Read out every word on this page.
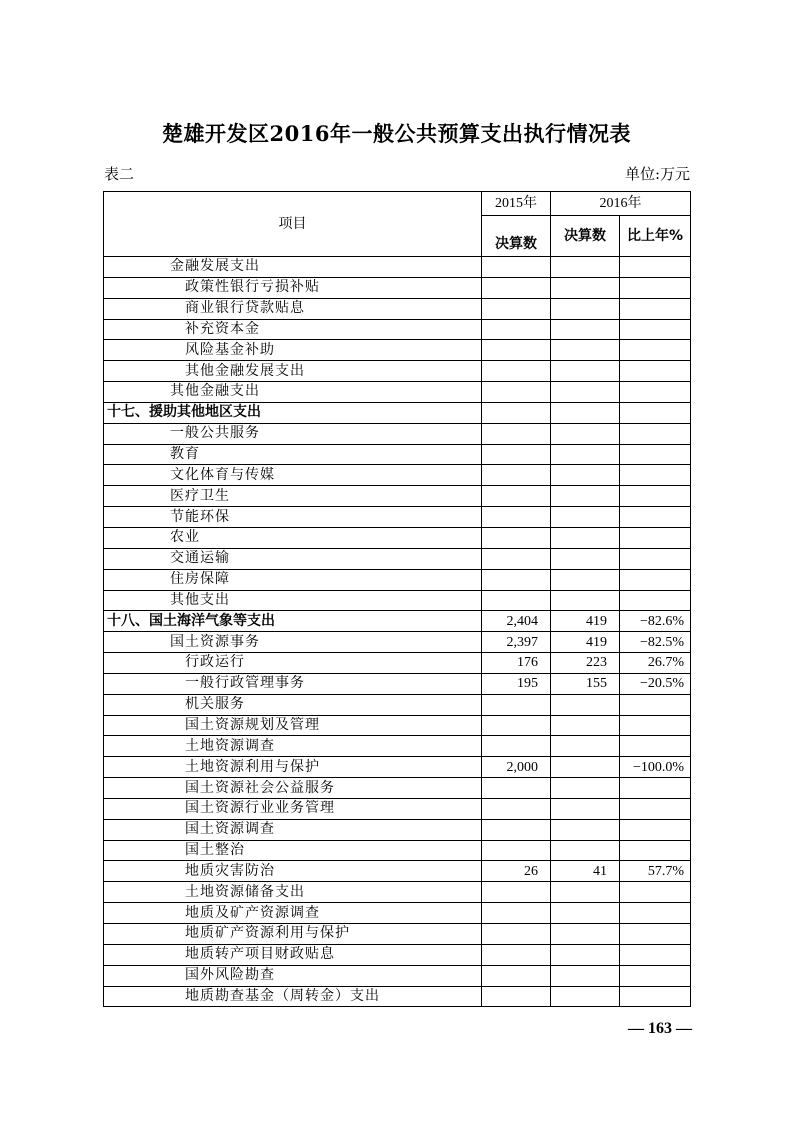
楚雄开发区2016年一般公共预算支出执行情况表
表二	单位:万元
项目	2015年	2016年	
	决算数	决算数	比上年%
金融发展支出			
政策性银行亏损补贴			
商业银行贷款贴息			
补充资本金			
风险基金补助			
其他金融发展支出			
其他金融支出			
十七、援助其他地区支出			
一般公共服务			
教育			
文化体育与传媒			
医疗卫生			
节能环保			
农业			
交通运输			
住房保障			
其他支出			
十八、国土海洋气象等支出	2,404	419	−82.6%
国土资源事务	2,397	419	−82.5%
行政运行	176	223	26.7%
一般行政管理事务	195	155	−20.5%
机关服务			
国土资源规划及管理			
土地资源调查			
土地资源利用与保护	2,000		−100.0%
国土资源社会公益服务			
国土资源行业业务管理			
国土资源调查			
国土整治			
地质灾害防治	26	41	57.7%
土地资源储备支出			
地质及矿产资源调查			
地质矿产资源利用与保护			
地质转产项目财政贴息			
国外风险勘查			
地质勘查基金（周转金）支出			
— 163 —
